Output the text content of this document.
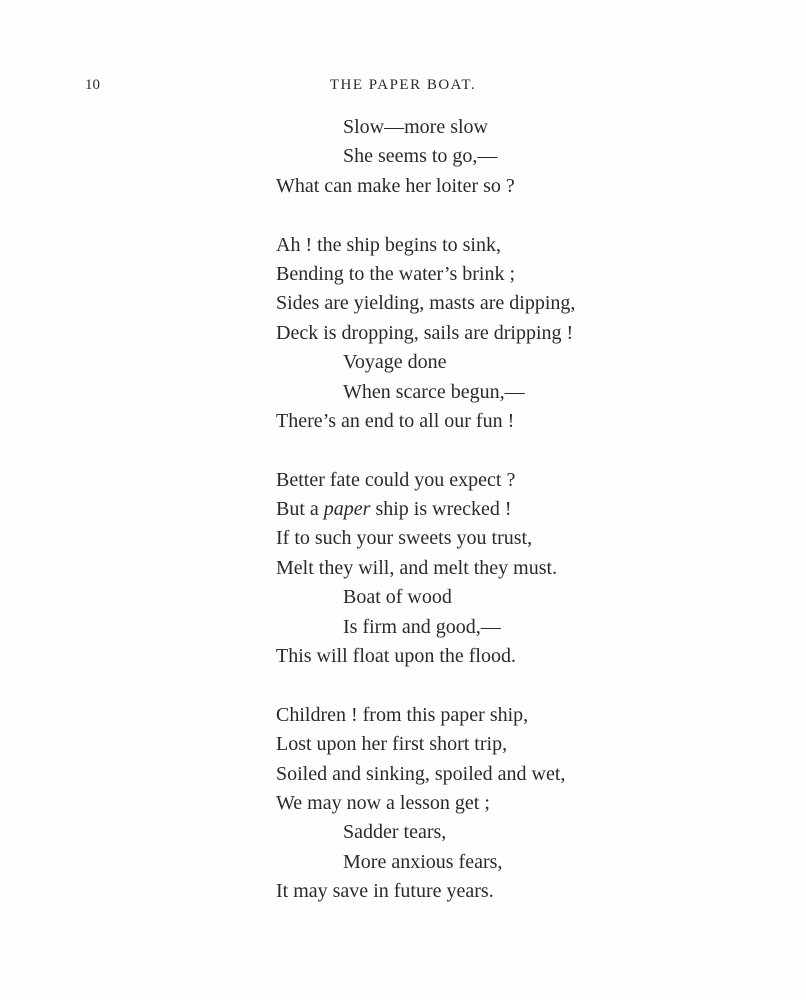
10	THE PAPER BOAT.
Slow—more slow
She seems to go,—
What can make her loiter so ?
Ah ! the ship begins to sink,
Bending to the water’s brink ;
Sides are yielding, masts are dipping,
Deck is dropping, sails are dripping !
Voyage done
When scarce begun,—
There’s an end to all our fun !
Better fate could you expect ?
But a paper ship is wrecked !
If to such your sweets you trust,
Melt they will, and melt they must.
Boat of wood
Is firm and good,—
This will float upon the flood.
Children ! from this paper ship,
Lost upon her first short trip,
Soiled and sinking, spoiled and wet,
We may now a lesson get ;
Sadder tears,
More anxious fears,
It may save in future years.
